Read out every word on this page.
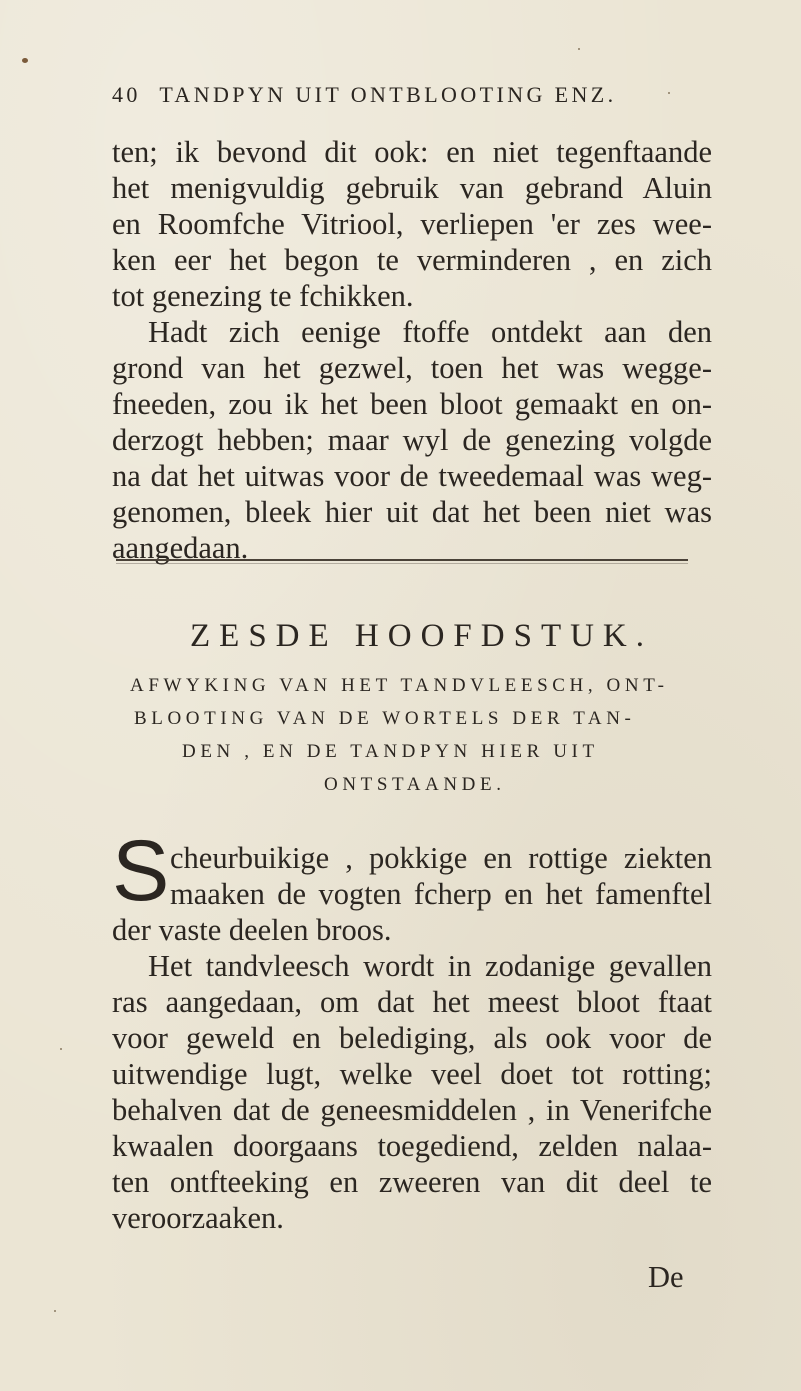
40 TANDPYN UIT ONTBLOOTING ENZ.
ten; ik bevond dit ook: en niet tegenftaande
het menigvuldig gebruik van gebrand Aluin
en Roomfche Vitriool, verliepen 'er zes wee-
ken eer het begon te verminderen , en zich
tot genezing te fchikken.
Hadt zich eenige ftoffe ontdekt aan den
grond van het gezwel, toen het was wegge-
fneeden, zou ik het been bloot gemaakt en on-
derzogt hebben; maar wyl de genezing volgde
na dat het uitwas voor de tweedemaal was weg-
genomen, bleek hier uit dat het been niet was
aangedaan.
ZESDE HOOFDSTUK.
AFWYKING VAN HET TANDVLEESCH, ONT-
BLOOTING VAN DE WORTELS DER TAN-
DEN , EN DE TANDPYN HIER UIT
ONTSTAANDE.
S cheurbuikige , pokkige en rottige ziekten
maaken de vogten fcherp en het famenftel
der vaste deelen broos.
Het tandvleesch wordt in zodanige gevallen
ras aangedaan, om dat het meest bloot ftaat
voor geweld en belediging, als ook voor de
uitwendige lugt, welke veel doet tot rotting;
behalven dat de geneesmiddelen , in Venerifche
kwaalen doorgaans toegediend, zelden nalaa-
ten ontfteeking en zweeren van dit deel te
veroorzaaken.
De
